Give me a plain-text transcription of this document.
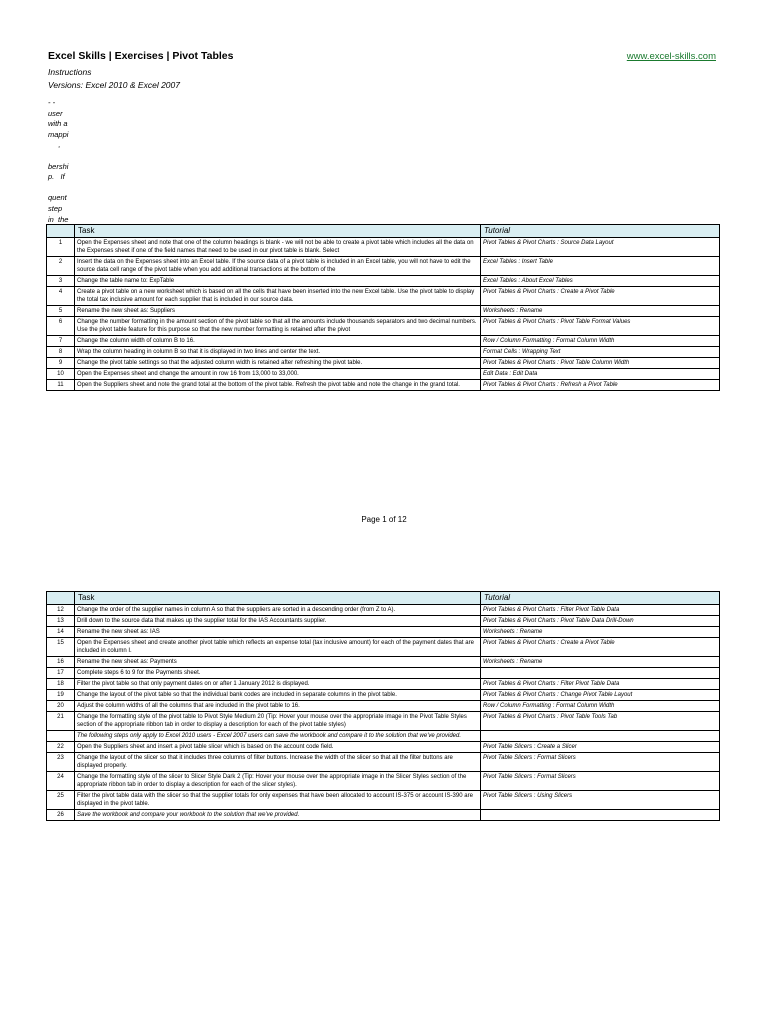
Excel Skills | Exercises | Pivot Tables	www.excel-skills.com
Instructions
Versions: Excel 2010 & Excel 2007
- -
user
with a
mappi
,

bershi
p.   If

quent
step
in  the
	Task	Tutorial
1	Open the Expenses sheet and note that one of the column headings is blank - we will not be able to create a pivot table which includes all the data on the Expenses sheet if one of the field names that need to be used in our pivot table is blank. Select	Pivot Tables & Pivot Charts : Source Data Layout
2	Insert the data on the Expenses sheet into an Excel table. If the source data of a pivot table is included in an Excel table, you will not have to edit the source data cell range of the pivot table when you add additional transactions at the bottom of the	Excel Tables : Insert Table
3	Change the table name to: ExpTable	Excel Tables : About Excel Tables
4	Create a pivot table on a new worksheet which is based on all the cells that have been inserted into the new Excel table. Use the pivot table to display the total tax inclusive amount for each supplier that is included in our source data.	Pivot Tables & Pivot Charts : Create a Pivot Table
5	Rename the new sheet as: Suppliers	Worksheets : Rename
6	Change the number formatting in the amount section of the pivot table so that all the amounts include thousands separators and two decimal numbers. Use the pivot table feature for this purpose so that the new number formatting is retained after the pivot	Pivot Tables & Pivot Charts : Pivot Table Format Values
7	Change the column width of column B to 16.	Row / Column Formatting : Format Column Width
8	Wrap the column heading in column B so that it is displayed in two lines and center the text.	Format Cells : Wrapping Text
9	Change the pivot table settings so that the adjusted column width is retained after refreshing the pivot table.	Pivot Tables & Pivot Charts : Pivot Table Column Width
10	Open the Expenses sheet and change the amount in row 16 from 13,000 to 33,000.	Edit Data : Edit Data
11	Open the Suppliers sheet and note the grand total at the bottom of the pivot table. Refresh the pivot table and note the change in the grand total.	Pivot Tables & Pivot Charts : Refresh a Pivot Table
Page 1 of 12
	Task	Tutorial
12	Change the order of the supplier names in column A so that the suppliers are sorted in a descending order (from Z to A).	Pivot Tables & Pivot Charts : Filter Pivot Table Data
13	Drill down to the source data that makes up the supplier total for the IAS Accountants supplier.	Pivot Tables & Pivot Charts : Pivot Table Data Drill-Down
14	Rename the new sheet as: IAS	Worksheets : Rename
15	Open the Expenses sheet and create another pivot table which reflects an expense total (tax inclusive amount) for each of the payment dates that are included in column I.	Pivot Tables & Pivot Charts : Create a Pivot Table
16	Rename the new sheet as: Payments	Worksheets : Rename
17	Complete steps 6 to 9 for the Payments sheet.	
18	Filter the pivot table so that only payment dates on or after 1 January 2012 is displayed.	Pivot Tables & Pivot Charts : Filter Pivot Table Data
19	Change the layout of the pivot table so that the individual bank codes are included in separate columns in the pivot table.	Pivot Tables & Pivot Charts : Change Pivot Table Layout
20	Adjust the column widths of all the columns that are included in the pivot table to 16.	Row / Column Formatting : Format Column Width
21	Change the formatting style of the pivot table to Pivot Style Medium 20 (Tip: Hover your mouse over the appropriate image in the Pivot Table Styles section of the appropriate ribbon tab in order to display a description for each of the pivot table styles)	Pivot Tables & Pivot Charts : Pivot Table Tools Tab
	The following steps only apply to Excel 2010 users - Excel 2007 users can save the workbook and compare it to the solution that we've provided.	
22	Open the Suppliers sheet and insert a pivot table slicer which is based on the account code field.	Pivot Table Slicers : Create a Slicer
23	Change the layout of the slicer so that it includes three columns of filter buttons. Increase the width of the slicer so that all the filter buttons are displayed properly.	Pivot Table Slicers : Format Slicers
24	Change the formatting style of the slicer to Slicer Style Dark 2 (Tip: Hover your mouse over the appropriate image in the Slicer Styles section of the appropriate ribbon tab in order to display a description for each of the slicer styles).	Pivot Table Slicers : Format Slicers
25	Filter the pivot table data with the slicer so that the supplier totals for only expenses that have been allocated to account IS-375 or account IS-390 are displayed in the pivot table.	Pivot Table Slicers : Using Slicers
26	Save the workbook and compare your workbook to the solution that we've provided.	
